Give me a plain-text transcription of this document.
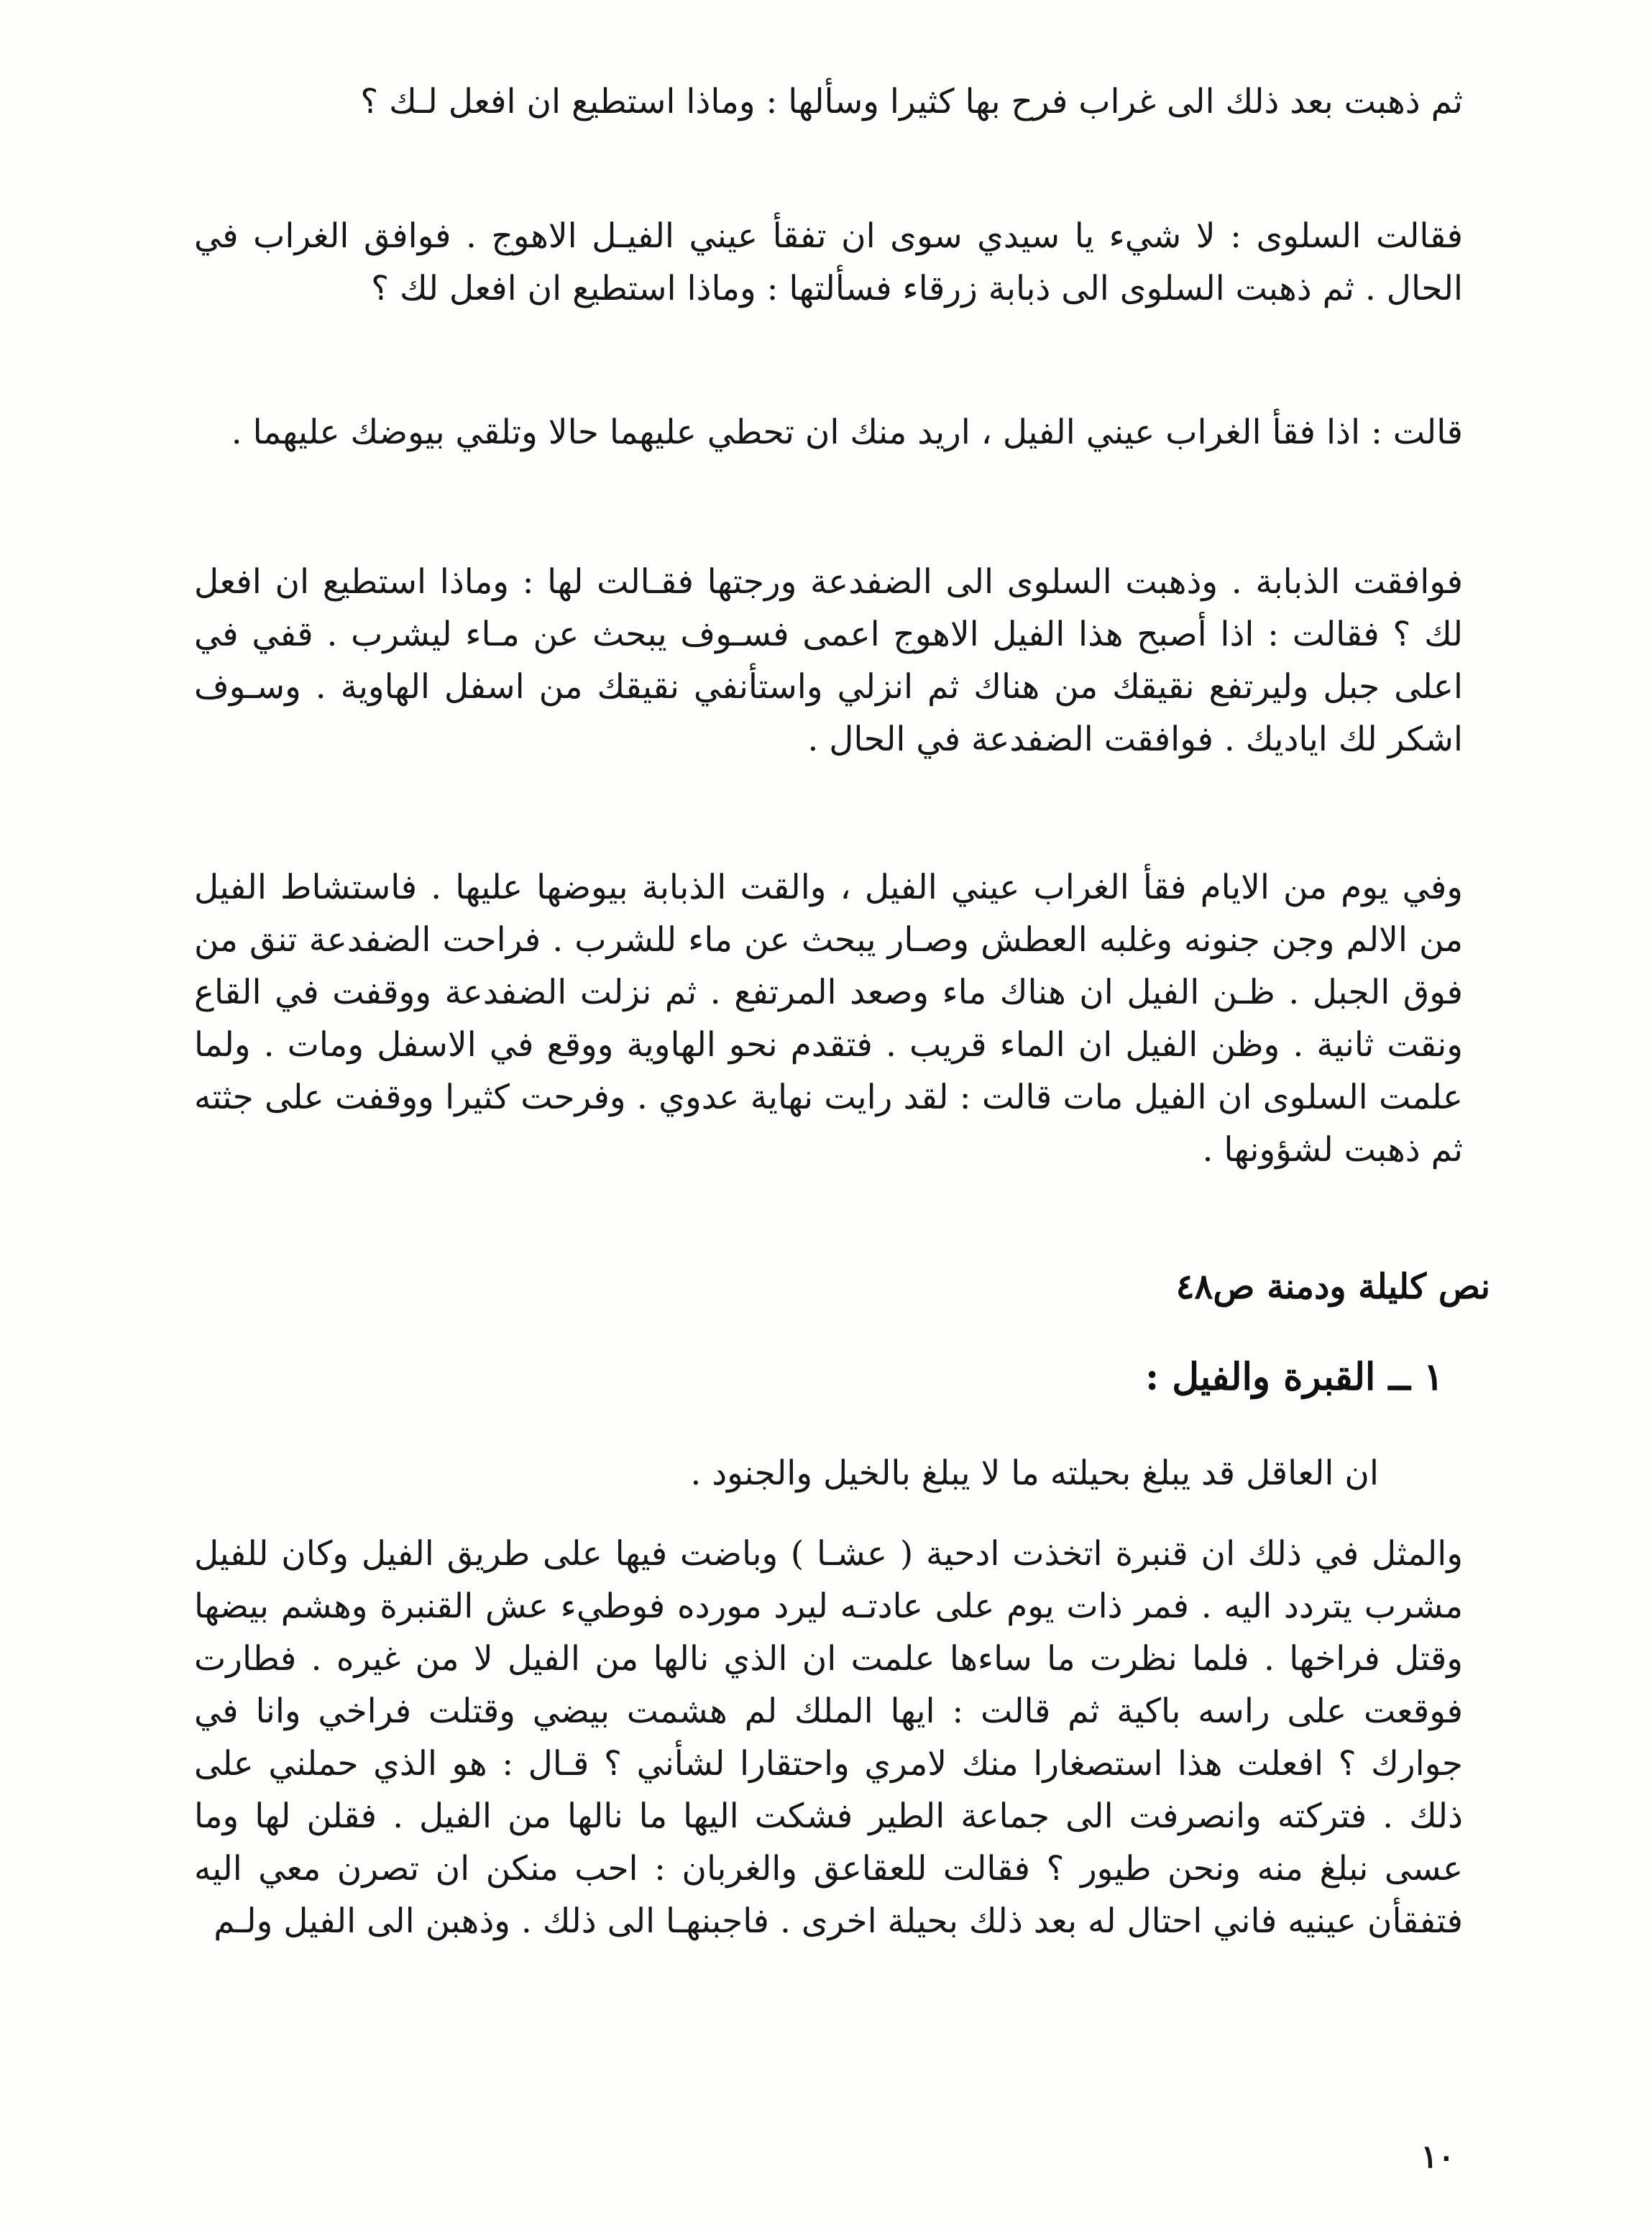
ثم ذهبت بعد ذلك الى غراب فرح بها كثيرا وسألها : وماذا استطيع ان افعل لـك ؟

فقالت السلوى : لا شيء يا سيدي سوى ان تفقأ عيني الفيـل الاهوج . فوافق الغراب في الحال . ثم ذهبت السلوى الى ذبابة زرقاء فسألتها : وماذا استطيع ان افعل لك ؟

قالت : اذا فقأ الغراب عيني الفيل ، اريد منك ان تحطي عليهما حالا وتلقي بيوضك عليهما .

فوافقت الذبابة . وذهبت السلوى الى الضفدعة ورجتها فقـالت لها : وماذا استطيع ان افعل لك ؟ فقالت : اذا أصبح هذا الفيل الاهوج اعمى فسـوف يبحث عن مـاء ليشرب . قفي في اعلى جبل وليرتفع نقيقك من هناك ثم انزلي واستأنفي نقيقك من اسفل الهاوية . وسـوف اشكر لك اياديك . فوافقت الضفدعة في الحال .

وفي يوم من الايام فقأ الغراب عيني الفيل ، والقت الذبابة بيوضها عليها . فاستشاط الفيل من الالم وجن جنونه وغلبه العطش وصـار يبحث عن ماء للشرب . فراحت الضفدعة تنق من فوق الجبل . ظـن الفيل ان هناك ماء وصعد المرتفع . ثم نزلت الضفدعة ووقفت في القاع ونقت ثانية . وظن الفيل ان الماء قريب . فتقدم نحو الهاوية ووقع في الاسفل ومات . ولما علمت السلوى ان الفيل مات قالت : لقد رايت نهاية عدوي . وفرحت كثيرا ووقفت على جثته ثم ذهبت لشؤونها .

نص كليلة ودمنة ص٤٨

١ ــ القبرة والفيل :

ان العاقل قد يبلغ بحيلته ما لا يبلغ بالخيل والجنود .

والمثل في ذلك ان قنبرة اتخذت ادحية ( عشـا ) وباضت فيها على طريق الفيل وكان للفيل مشرب يتردد اليه . فمر ذات يوم على عادتـه ليرد مورده فوطيء عش القنبرة وهشم بيضها وقتل فراخها . فلما نظرت ما ساءها علمت ان الذي نالها من الفيل لا من غيره . فطارت فوقعت على راسه باكية ثم قالت : ايها الملك لم هشمت بيضي وقتلت فراخي وانا في جوارك ؟ افعلت هذا استصغارا منك لامري واحتقارا لشأني ؟ قـال : هو الذي حملني على ذلك . فتركته وانصرفت الى جماعة الطير فشكت اليها ما نالها من الفيل . فقلن لها وما عسى نبلغ منه ونحن طيور ؟ فقالت للعقاعق والغربان : احب منكن ان تصرن معي اليه فتفقأن عينيه فاني احتال له بعد ذلك بحيلة اخرى . فاجبنهـا الى ذلك . وذهبن الى الفيل ولـم

١٠
